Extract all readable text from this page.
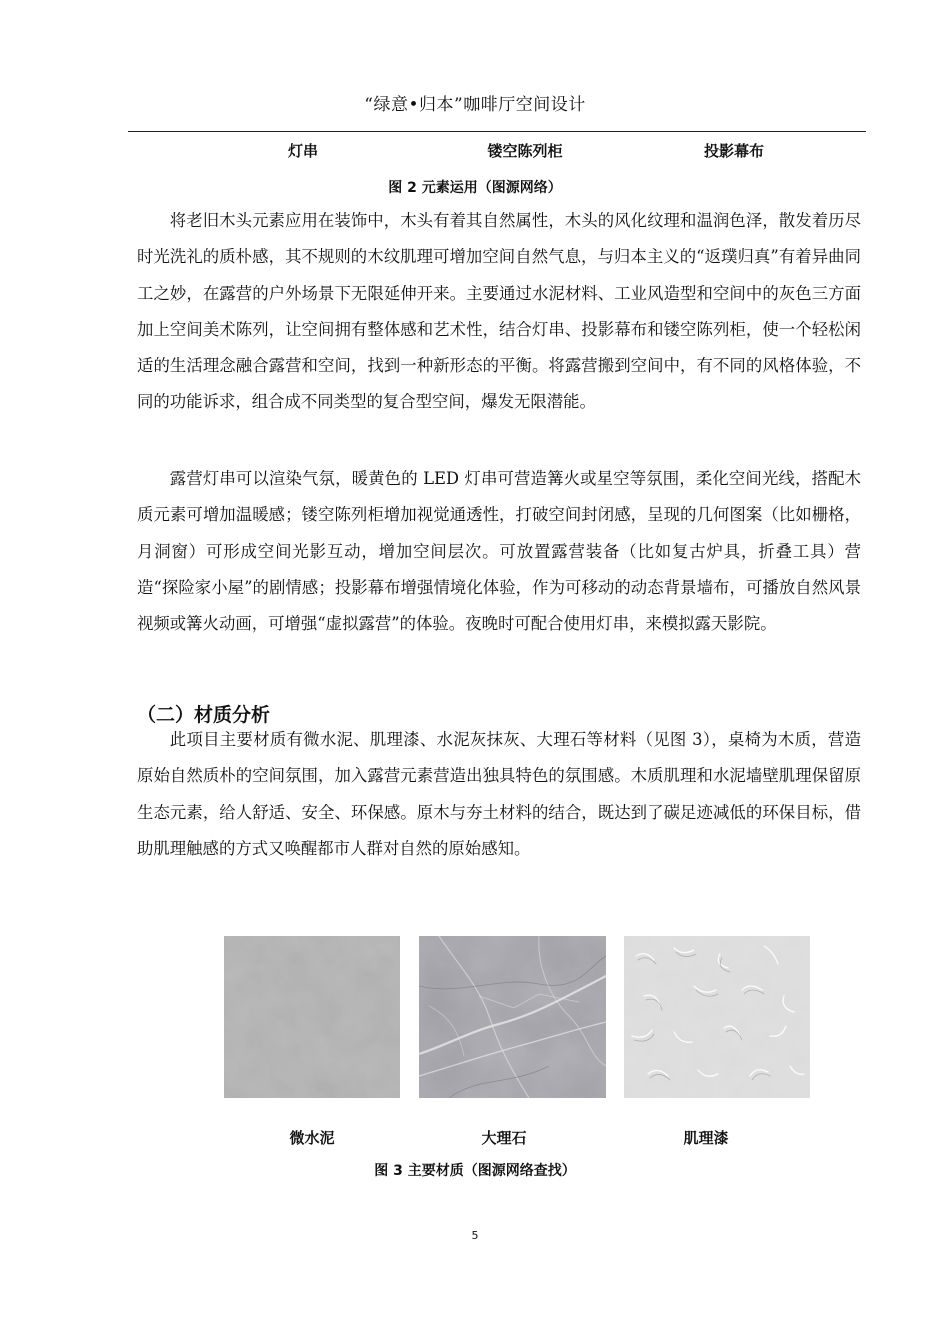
“绿意•归本”咖啡厅空间设计
灯串	镂空陈列柜	投影幕布
图 2 元素运用（图源网络）

将老旧木头元素应用在装饰中，木头有着其自然属性，木头的风化纹理和温润色泽，散发着历尽时光洗礼的质朴感，其不规则的木纹肌理可增加空间自然气息，与归本主义的“返璞归真”有着异曲同工之妙，在露营的户外场景下无限延伸开来。主要通过水泥材料、工业风造型和空间中的灰色三方面加上空间美术陈列，让空间拥有整体感和艺术性，结合灯串、投影幕布和镂空陈列柜，使一个轻松闲适的生活理念融合露营和空间，找到一种新形态的平衡。将露营搬到空间中，有不同的风格体验，不同的功能诉求，组合成不同类型的复合型空间，爆发无限潜能。

露营灯串可以渲染气氛，暖黄色的 LED 灯串可营造篝火或星空等氛围，柔化空间光线，搭配木质元素可增加温暖感；镂空陈列柜增加视觉通透性，打破空间封闭感，呈现的几何图案（比如栅格，月洞窗）可形成空间光影互动，增加空间层次。可放置露营装备（比如复古炉具，折叠工具）营造“探险家小屋”的剧情感；投影幕布增强情境化体验，作为可移动的动态背景墙布，可播放自然风景视频或篝火动画，可增强“虚拟露营”的体验。夜晚时可配合使用灯串，来模拟露天影院。

（二）材质分析

此项目主要材质有微水泥、肌理漆、水泥灰抹灰、大理石等材料（见图 3），桌椅为木质，营造原始自然质朴的空间氛围，加入露营元素营造出独具特色的氛围感。木质肌理和水泥墙壁肌理保留原生态元素，给人舒适、安全、环保感。原木与夯土材料的结合，既达到了碳足迹减低的环保目标，借助肌理触感的方式又唤醒都市人群对自然的原始感知。

微水泥	大理石	肌理漆
图 3 主要材质（图源网络查找）
5
